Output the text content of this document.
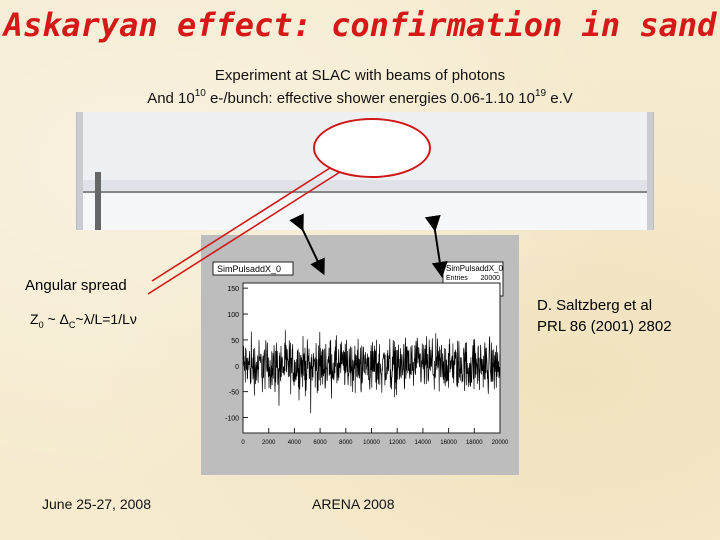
Askaryan effect: confirmation in sand
Experiment at SLAC with beams of photons
And $10^{10}$ e-/bunch: effective shower energies 0.06-1.10 $10^{19}$ e.V
SimPulsaddX_0	SimPulsaddX_0
Entries 20000
150
100
50
0
-50
-100
0	2000 4000 6000 8000 10000 12000 14000 16000 18000 20000
Angular spread
$Z_0$ ~ $\Delta_C\sim\lambda/L=1/L\nu$
D. Saltzberg et al
PRL 86 (2001) 2802
June 25-27, 2008	ARENA 2008
